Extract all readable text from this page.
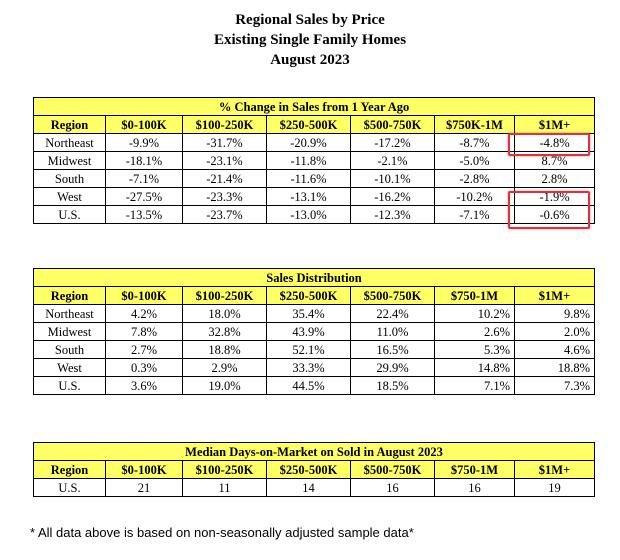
Regional Sales by Price
Existing Single Family Homes
August 2023
% Change in Sales from 1 Year Ago						
Region	$0-100K	$100-250K	$250-500K	$500-750K	$750K-1M	$1M+
Northeast	-9.9%	-31.7%	-20.9%	-17.2%	-8.7%	-4.8%
Midwest	-18.1%	-23.1%	-11.8%	-2.1%	-5.0%	8.7%
South	-7.1%	-21.4%	-11.6%	-10.1%	-2.8%	2.8%
West	-27.5%	-23.3%	-13.1%	-16.2%	-10.2%	-1.9%
U.S.	-13.5%	-23.7%	-13.0%	-12.3%	-7.1%	-0.6%
Sales Distribution						
Region	$0-100K	$100-250K	$250-500K	$500-750K	$750-1M	$1M+
Northeast	4.2%	18.0%	35.4%	22.4%	10.2%	9.8%
Midwest	7.8%	32.8%	43.9%	11.0%	2.6%	2.0%
South	2.7%	18.8%	52.1%	16.5%	5.3%	4.6%
West	0.3%	2.9%	33.3%	29.9%	14.8%	18.8%
U.S.	3.6%	19.0%	44.5%	18.5%	7.1%	7.3%
Median Days-on-Market on Sold in August 2023						
Region	$0-100K	$100-250K	$250-500K	$500-750K	$750-1M	$1M+
U.S.	21	11	14	16	16	19
* All data above is based on non-seasonally adjusted sample data*
